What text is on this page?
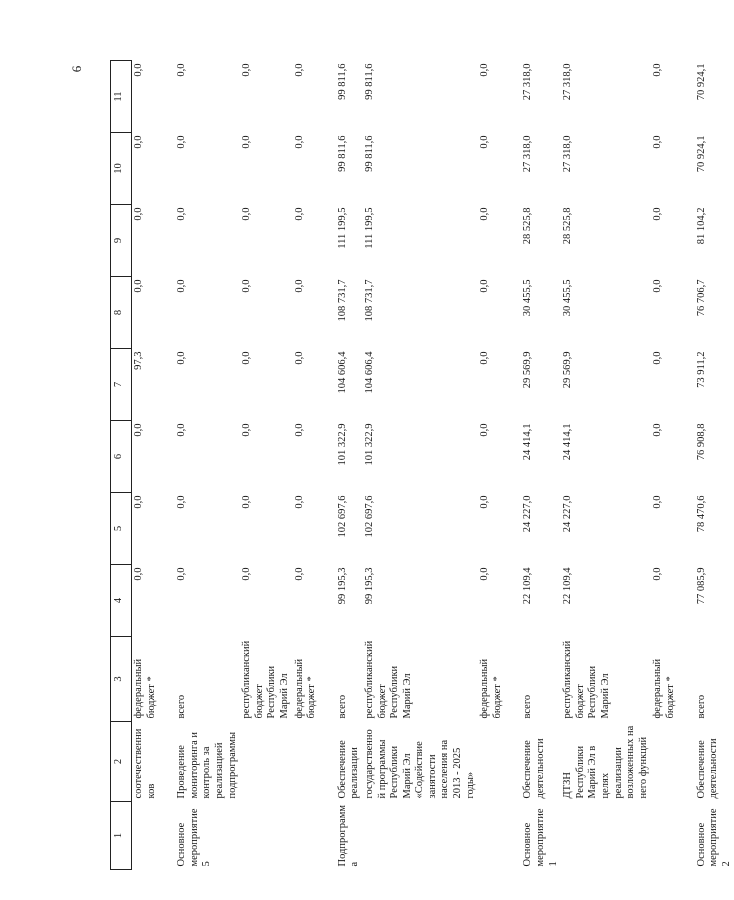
6
1	2	3	4	5	6	7	8	9	10	11
	соотечественников	федеральный бюджет *	0,0	0,0	0,0	97,3	0,0	0,0	0,0	0,0

Основное мероприятие 5	Проведение мониторинга и контроль за реализацией подпрограммы	всего	0,0	0,0	0,0	0,0	0,0	0,0	0,0	0,0
		республиканский бюджет Республики Марий Эл	0,0	0,0	0,0	0,0	0,0	0,0	0,0	0,0
		федеральный бюджет *	0,0	0,0	0,0	0,0	0,0	0,0	0,0	0,0

Подпрограмма	Обеспечение реализации	всего	99 195,3	102 697,6	101 322,9	104 606,4	108 731,7	111 199,5	99 811,6	99 811,6
	государственной программы Республики Марий Эл «Содействие занятости населения на 2013 - 2025 годы»	республиканский бюджет Республики Марий Эл	99 195,3	102 697,6	101 322,9	104 606,4	108 731,7	111 199,5	99 811,6	99 811,6
		федеральный бюджет *	0,0	0,0	0,0	0,0	0,0	0,0	0,0	0,0

Основное мероприятие 1	Обеспечение деятельности	всего	22 109,4	24 227,0	24 414,1	29 569,9	30 455,5	28 525,8	27 318,0	27 318,0
	ДТЗН Республики Марий Эл в целях реализации возложенных на него функций	республиканский бюджет Республики Марий Эл	22 109,4	24 227,0	24 414,1	29 569,9	30 455,5	28 525,8	27 318,0	27 318,0
		федеральный бюджет *	0,0	0,0	0,0	0,0	0,0	0,0	0,0	0,0

Основное мероприятие 2	Обеспечение деятельности	всего	77 085,9	78 470,6	76 908,8	73 911,2	76 706,7	81 104,2	70 924,1	70 924,1
